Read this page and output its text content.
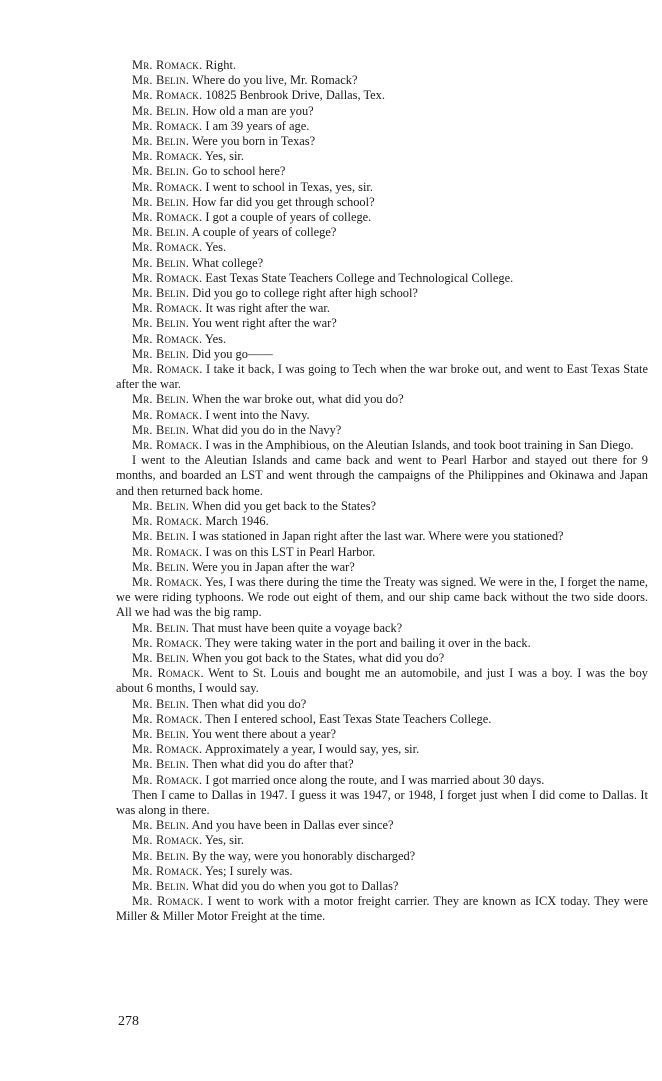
Mr. Romack. Right.

Mr. Belin. Where do you live, Mr. Romack?

Mr. Romack. 10825 Benbrook Drive, Dallas, Tex.

Mr. Belin. How old a man are you?

Mr. Romack. I am 39 years of age.

Mr. Belin. Were you born in Texas?

Mr. Romack. Yes, sir.

Mr. Belin. Go to school here?

Mr. Romack. I went to school in Texas, yes, sir.

Mr. Belin. How far did you get through school?

Mr. Romack. I got a couple of years of college.

Mr. Belin. A couple of years of college?

Mr. Romack. Yes.

Mr. Belin. What college?

Mr. Romack. East Texas State Teachers College and Technological College.

Mr. Belin. Did you go to college right after high school?

Mr. Romack. It was right after the war.

Mr. Belin. You went right after the war?

Mr. Romack. Yes.

Mr. Belin. Did you go——

Mr. Romack. I take it back, I was going to Tech when the war broke out, and went to East Texas State after the war.

Mr. Belin. When the war broke out, what did you do?

Mr. Romack. I went into the Navy.

Mr. Belin. What did you do in the Navy?

Mr. Romack. I was in the Amphibious, on the Aleutian Islands, and took boot training in San Diego.

I went to the Aleutian Islands and came back and went to Pearl Harbor and stayed out there for 9 months, and boarded an LST and went through the campaigns of the Philippines and Okinawa and Japan and then returned back home.

Mr. Belin. When did you get back to the States?

Mr. Romack. March 1946.

Mr. Belin. I was stationed in Japan right after the last war. Where were you stationed?

Mr. Romack. I was on this LST in Pearl Harbor.

Mr. Belin. Were you in Japan after the war?

Mr. Romack. Yes, I was there during the time the Treaty was signed. We were in the, I forget the name, we were riding typhoons. We rode out eight of them, and our ship came back without the two side doors. All we had was the big ramp.

Mr. Belin. That must have been quite a voyage back?

Mr. Romack. They were taking water in the port and bailing it over in the back.

Mr. Belin. When you got back to the States, what did you do?

Mr. Romack. Went to St. Louis and bought me an automobile, and just I was a boy. I was the boy about 6 months, I would say.

Mr. Belin. Then what did you do?

Mr. Romack. Then I entered school, East Texas State Teachers College.

Mr. Belin. You went there about a year?

Mr. Romack. Approximately a year, I would say, yes, sir.

Mr. Belin. Then what did you do after that?

Mr. Romack. I got married once along the route, and I was married about 30 days.

Then I came to Dallas in 1947. I guess it was 1947, or 1948, I forget just when I did come to Dallas. It was along in there.

Mr. Belin. And you have been in Dallas ever since?

Mr. Romack. Yes, sir.

Mr. Belin. By the way, were you honorably discharged?

Mr. Romack. Yes; I surely was.

Mr. Belin. What did you do when you got to Dallas?

Mr. Romack. I went to work with a motor freight carrier. They are known as ICX today. They were Miller & Miller Motor Freight at the time.

278
